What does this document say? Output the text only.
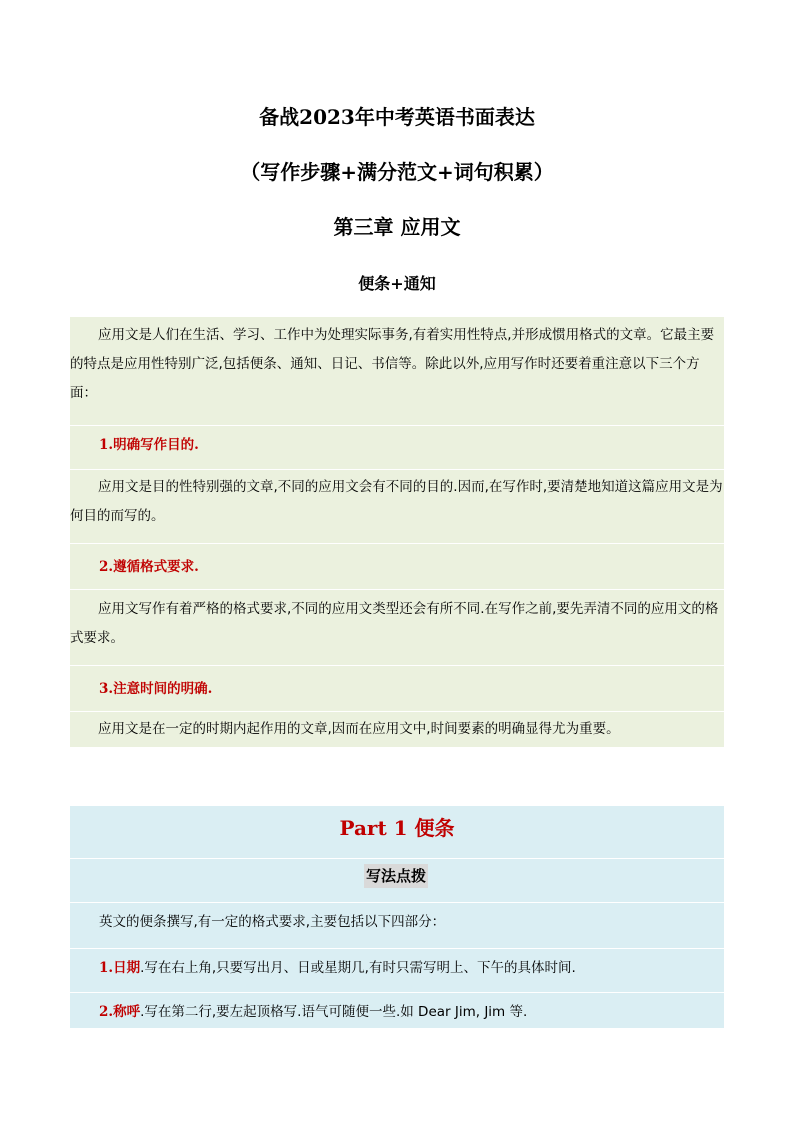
备战2023年中考英语书面表达
（写作步骤+满分范文+词句积累）
第三章 应用文
便条+通知
应用文是人们在生活、学习、工作中为处理实际事务,有着实用性特点,并形成惯用格式的文章。它最主要的特点是应用性特别广泛,包括便条、通知、日记、书信等。除此以外,应用写作时还要着重注意以下三个方面：
1.明确写作目的.
应用文是目的性特别强的文章,不同的应用文会有不同的目的.因而,在写作时,要清楚地知道这篇应用文是为何目的而写的。
2.遵循格式要求.
应用文写作有着严格的格式要求,不同的应用文类型还会有所不同.在写作之前,要先弄清不同的应用文的格式要求。
3.注意时间的明确.
应用文是在一定的时期内起作用的文章,因而在应用文中,时间要素的明确显得尤为重要。
Part 1 便条
写法点拨
英文的便条撰写,有一定的格式要求,主要包括以下四部分：
1.日期.写在右上角,只要写出月、日或星期几,有时只需写明上、下午的具体时间.
2.称呼.写在第二行,要左起顶格写.语气可随便一些.如 Dear Jim, Jim 等.
